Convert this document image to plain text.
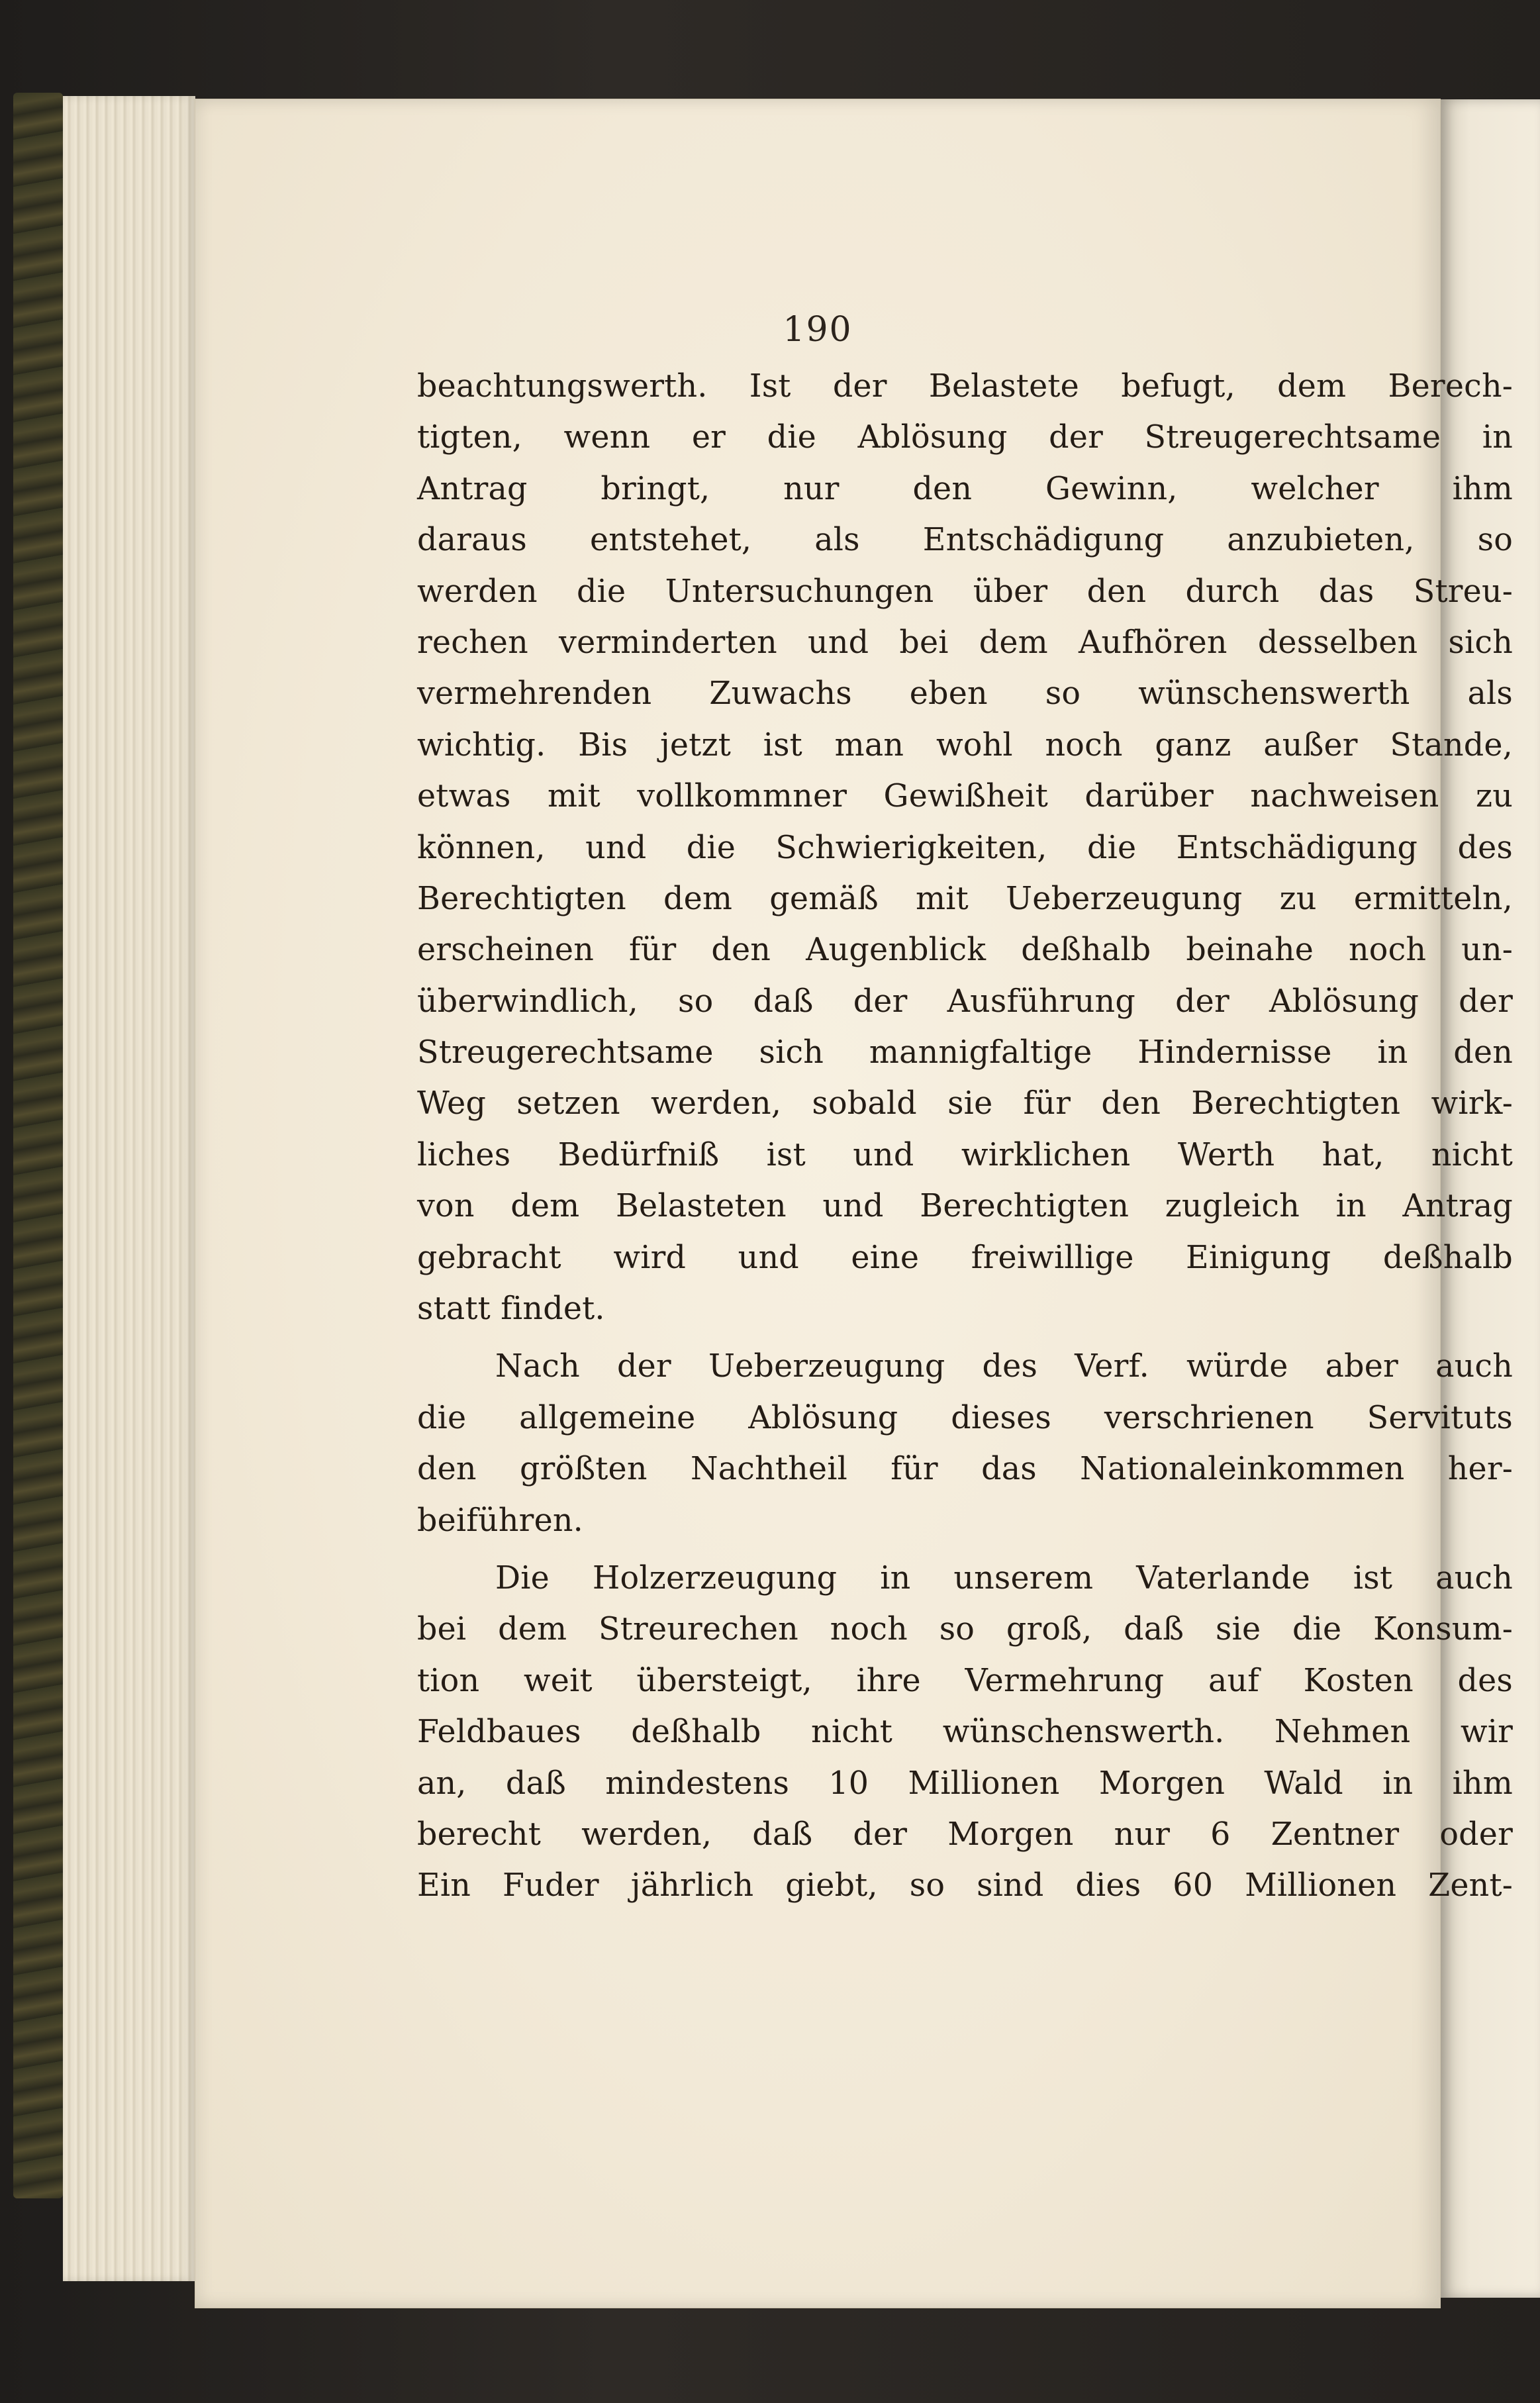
190
beachtungswerth. Ist der Belastete befugt, dem Berech-
tigten, wenn er die Ablösung der Streugerechtsame in
Antrag bringt, nur den Gewinn, welcher ihm
daraus entstehet, als Entschädigung anzubieten, so
werden die Untersuchungen über den durch das Streu-
rechen verminderten und bei dem Aufhören desselben sich
vermehrenden Zuwachs eben so wünschenswerth als
wichtig. Bis jetzt ist man wohl noch ganz außer Stande,
etwas mit vollkommner Gewißheit darüber nachweisen zu
können, und die Schwierigkeiten, die Entschädigung des
Berechtigten dem gemäß mit Ueberzeugung zu ermitteln,
erscheinen für den Augenblick deßhalb beinahe noch un-
überwindlich, so daß der Ausführung der Ablösung der
Streugerechtsame sich mannigfaltige Hindernisse in den
Weg setzen werden, sobald sie für den Berechtigten wirk-
liches Bedürfniß ist und wirklichen Werth hat, nicht
von dem Belasteten und Berechtigten zugleich in Antrag
gebracht wird und eine freiwillige Einigung deßhalb
statt findet.
Nach der Ueberzeugung des Verf. würde aber auch
die allgemeine Ablösung dieses verschrienen Servituts
den größten Nachtheil für das Nationaleinkommen her-
beiführen.
Die Holzerzeugung in unserem Vaterlande ist auch
bei dem Streurechen noch so groß, daß sie die Konsum-
tion weit übersteigt, ihre Vermehrung auf Kosten des
Feldbaues deßhalb nicht wünschenswerth. Nehmen wir
an, daß mindestens 10 Millionen Morgen Wald in ihm
berecht werden, daß der Morgen nur 6 Zentner oder
Ein Fuder jährlich giebt, so sind dies 60 Millionen Zent-
